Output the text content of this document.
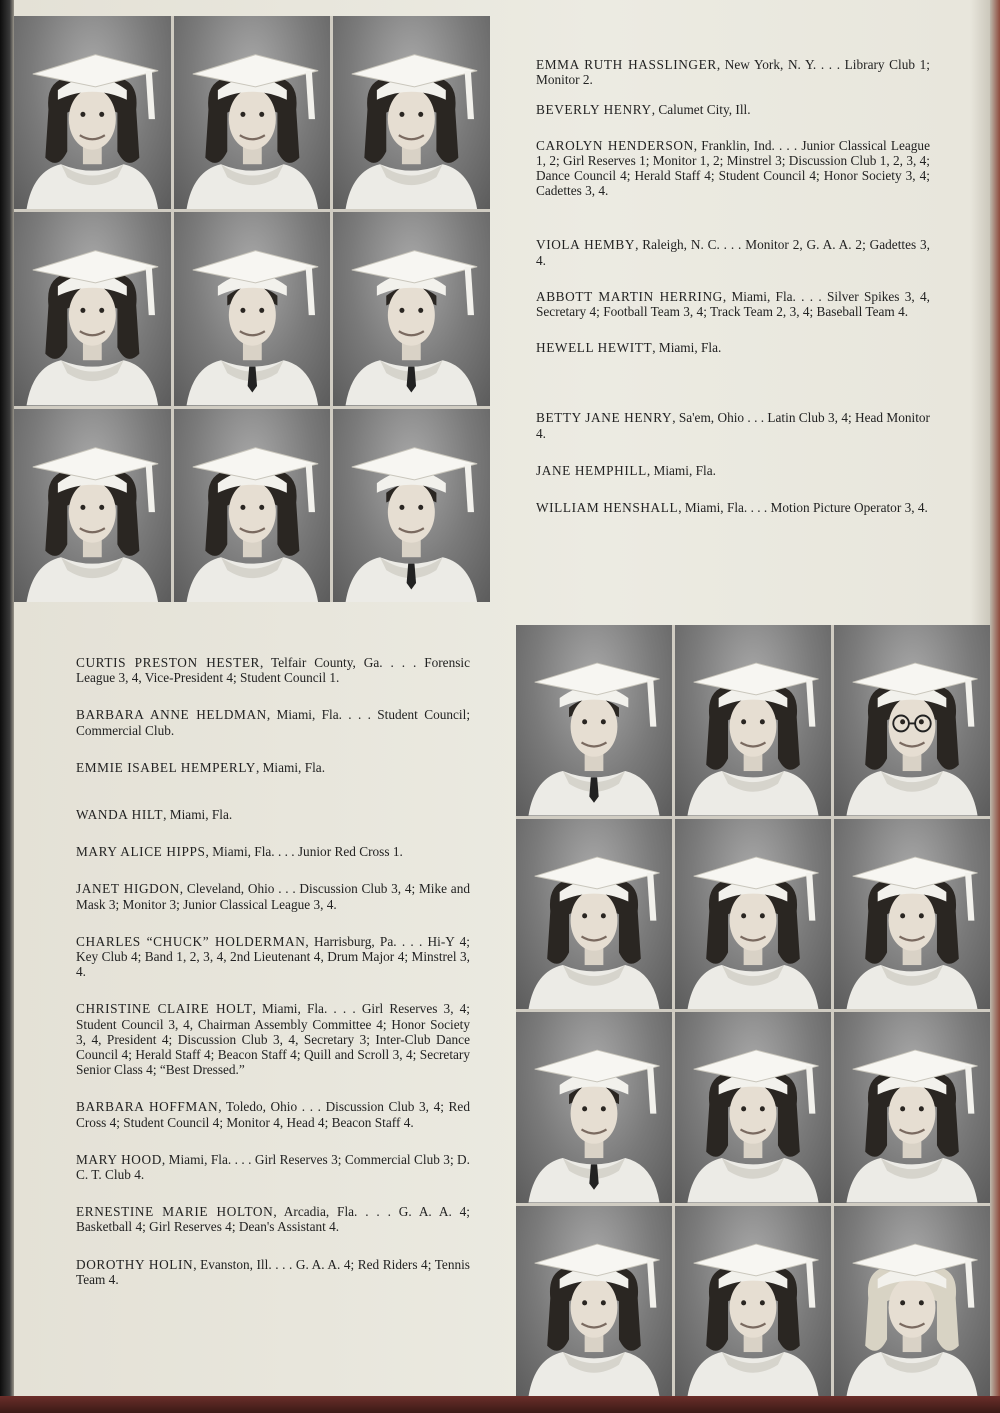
EMMA RUTH HASSLINGER, New York, N. Y. . . . Library Club 1; Monitor 2.

BEVERLY HENRY, Calumet City, Ill.

CAROLYN HENDERSON, Franklin, Ind. . . . Junior Classical League 1, 2; Girl Reserves 1; Monitor 1, 2; Minstrel 3; Discussion Club 1, 2, 3, 4; Dance Council 4; Herald Staff 4; Student Council 4; Honor Society 3, 4; Cadettes 3, 4.

VIOLA HEMBY, Raleigh, N. C. . . . Monitor 2, G. A. A. 2; Gadettes 3, 4.

ABBOTT MARTIN HERRING, Miami, Fla. . . . Silver Spikes 3, 4, Secretary 4; Football Team 3, 4; Track Team 2, 3, 4; Baseball Team 4.

HEWELL HEWITT, Miami, Fla.

BETTY JANE HENRY, Sa'em, Ohio . . . Latin Club 3, 4; Head Monitor 4.

JANE HEMPHILL, Miami, Fla.

WILLIAM HENSHALL, Miami, Fla. . . . Motion Picture Operator 3, 4.

CURTIS PRESTON HESTER, Telfair County, Ga. . . . Forensic League 3, 4, Vice-President 4; Student Council 1.

BARBARA ANNE HELDMAN, Miami, Fla. . . . Student Council; Commercial Club.

EMMIE ISABEL HEMPERLY, Miami, Fla.

WANDA HILT, Miami, Fla.

MARY ALICE HIPPS, Miami, Fla. . . . Junior Red Cross 1.

JANET HIGDON, Cleveland, Ohio . . . Discussion Club 3, 4; Mike and Mask 3; Monitor 3; Junior Classical League 3, 4.

CHARLES “CHUCK” HOLDERMAN, Harrisburg, Pa. . . . Hi-Y 4; Key Club 4; Band 1, 2, 3, 4, 2nd Lieutenant 4, Drum Major 4; Minstrel 3, 4.

CHRISTINE CLAIRE HOLT, Miami, Fla. . . . Girl Reserves 3, 4; Student Council 3, 4, Chairman Assembly Committee 4; Honor Society 3, 4, President 4; Discussion Club 3, 4, Secretary 3; Inter-Club Dance Council 4; Herald Staff 4; Beacon Staff 4; Quill and Scroll 3, 4; Secretary Senior Class 4; “Best Dressed.”

BARBARA HOFFMAN, Toledo, Ohio . . . Discussion Club 3, 4; Red Cross 4; Student Council 4; Monitor 4, Head 4; Beacon Staff 4.

MARY HOOD, Miami, Fla. . . . Girl Reserves 3; Commercial Club 3; D. C. T. Club 4.

ERNESTINE MARIE HOLTON, Arcadia, Fla. . . . G. A. A. 4; Basketball 4; Girl Reserves 4; Dean's Assistant 4.

DOROTHY HOLIN, Evanston, Ill. . . . G. A. A. 4; Red Riders 4; Tennis Team 4.
